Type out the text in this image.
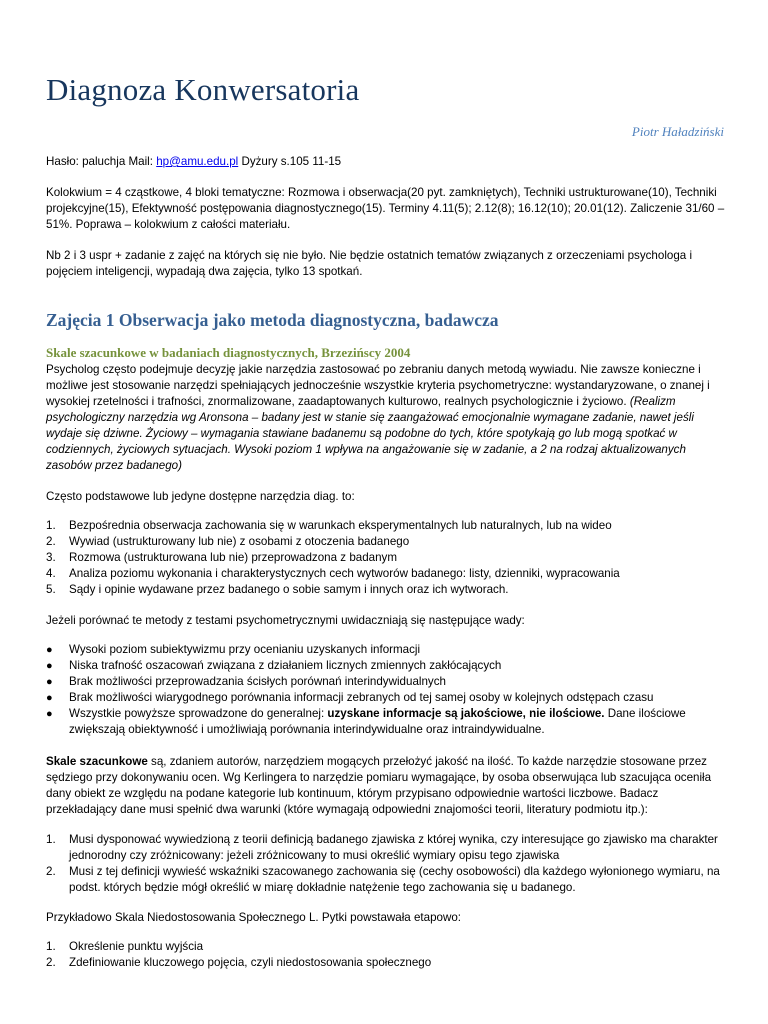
Diagnoza Konwersatoria
Piotr Haładziński

Hasło: paluchja Mail: hp@amu.edu.pl Dyżury s.105 11-15

Kolokwium = 4 cząstkowe, 4 bloki tematyczne: Rozmowa i obserwacja(20 pyt. zamkniętych), Techniki ustrukturowane(10), Techniki projekcyjne(15), Efektywność postępowania diagnostycznego(15). Terminy 4.11(5); 2.12(8); 16.12(10); 20.01(12). Zaliczenie 31/60 – 51%. Poprawa – kolokwium z całości materiału.

Nb 2 i 3 uspr + zadanie z zajęć na których się nie było. Nie będzie ostatnich tematów związanych z orzeczeniami psychologa i pojęciem inteligencji, wypadają dwa zajęcia, tylko 13 spotkań.

Zajęcia 1 Obserwacja jako metoda diagnostyczna, badawcza
Skale szacunkowe w badaniach diagnostycznych, Brzezińscy 2004

Psycholog często podejmuje decyzję jakie narzędzia zastosować po zebraniu danych metodą wywiadu. Nie zawsze konieczne i możliwe jest stosowanie narzędzi spełniających jednocześnie wszystkie kryteria psychometryczne: wystandaryzowane, o znanej i wysokiej rzetelności i trafności, znormalizowane, zaadaptowanych kulturowo, realnych psychologicznie i życiowo. (Realizm psychologiczny narzędzia wg Aronsona – badany jest w stanie się zaangażować emocjonalnie wymagane zadanie, nawet jeśli wydaje się dziwne. Życiowy – wymagania stawiane badanemu są podobne do tych, które spotykają go lub mogą spotkać w codziennych, życiowych sytuacjach. Wysoki poziom 1 wpływa na angażowanie się w zadanie, a 2 na rodzaj aktualizowanych zasobów przez badanego)

Często podstawowe lub jedyne dostępne narzędzia diag. to:

1. Bezpośrednia obserwacja zachowania się w warunkach eksperymentalnych lub naturalnych, lub na wideo
2. Wywiad (ustrukturowany lub nie) z osobami z otoczenia badanego
3. Rozmowa (ustrukturowana lub nie) przeprowadzona z badanym
4. Analiza poziomu wykonania i charakterystycznych cech wytworów badanego: listy, dzienniki, wypracowania
5. Sądy i opinie wydawane przez badanego o sobie samym i innych oraz ich wytworach.

Jeżeli porównać te metody z testami psychometrycznymi uwidaczniają się następujące wady:

● Wysoki poziom subiektywizmu przy ocenianiu uzyskanych informacji
● Niska trafność oszacowań związana z działaniem licznych zmiennych zakłócających
● Brak możliwości przeprowadzania ścisłych porównań interindywidualnych
● Brak możliwości wiarygodnego porównania informacji zebranych od tej samej osoby w kolejnych odstępach czasu
● Wszystkie powyższe sprowadzone do generalnej: uzyskane informacje są jakościowe, nie ilościowe. Dane ilościowe zwiększają obiektywność i umożliwiają porównania interindywidualne oraz intraindywidualne.

Skale szacunkowe są, zdaniem autorów, narzędziem mogących przełożyć jakość na ilość. To każde narzędzie stosowane przez sędziego przy dokonywaniu ocen. Wg Kerlingera to narzędzie pomiaru wymagające, by osoba obserwująca lub szacująca oceniła dany obiekt ze względu na podane kategorie lub kontinuum, którym przypisano odpowiednie wartości liczbowe. Badacz przekładający dane musi spełnić dwa warunki (które wymagają odpowiedni znajomości teorii, literatury podmiotu itp.):

1. Musi dysponować wywiedzioną z teorii definicją badanego zjawiska z której wynika, czy interesujące go zjawisko ma charakter jednorodny czy zróżnicowany: jeżeli zróżnicowany to musi określić wymiary opisu tego zjawiska
2. Musi z tej definicji wywieść wskaźniki szacowanego zachowania się (cechy osobowości) dla każdego wyłonionego wymiaru, na podst. których będzie mógł określić w miarę dokładnie natężenie tego zachowania się u badanego.

Przykładowo Skala Niedostosowania Społecznego L. Pytki powstawała etapowo:

1. Określenie punktu wyjścia
2. Zdefiniowanie kluczowego pojęcia, czyli niedostosowania społecznego
